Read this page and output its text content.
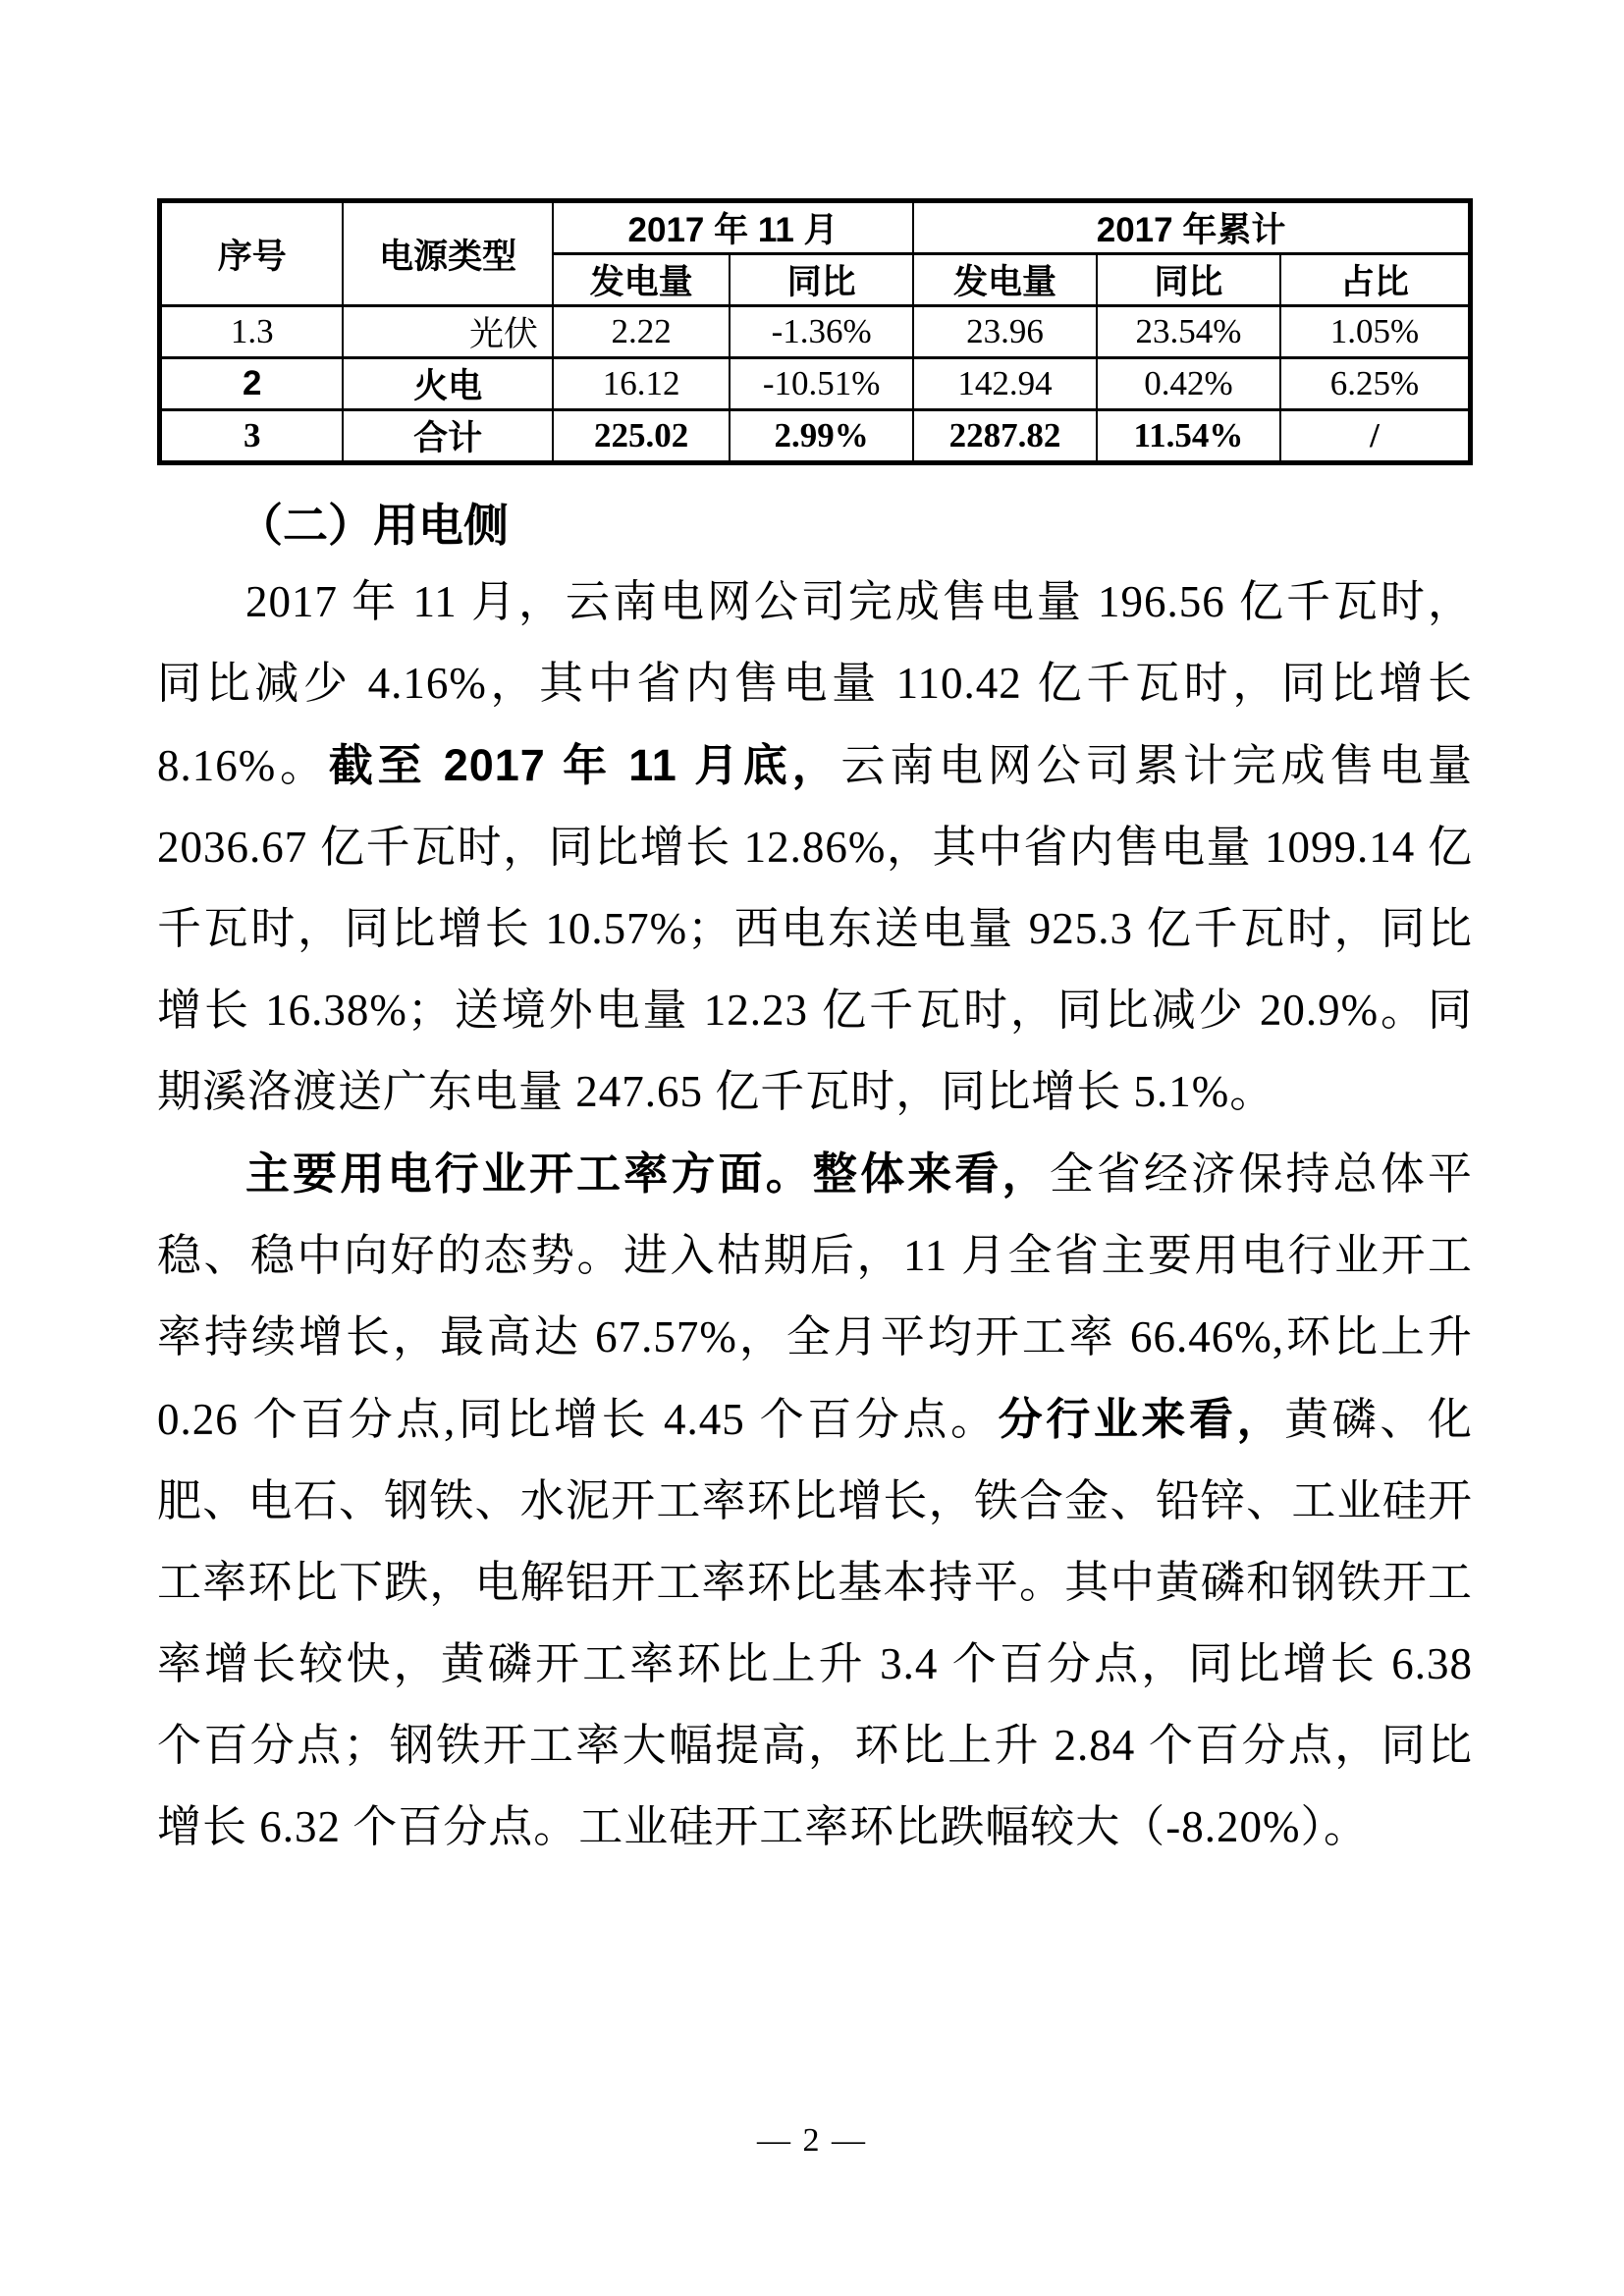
序号	电源类型	2017 年 11 月		2017 年累计		
		发电量	同比	发电量	同比	占比
1.3	光伏	2.22	-1.36%	23.96	23.54%	1.05%
2	火电	16.12	-10.51%	142.94	0.42%	6.25%
3	合计	225.02	2.99%	2287.82	11.54%	/
（二）用电侧

2017 年 11 月，云南电网公司完成售电量 196.56 亿千瓦时，同比减少 4.16%，其中省内售电量 110.42 亿千瓦时，同比增长 8.16%。截至 2017 年 11 月底，云南电网公司累计完成售电量 2036.67 亿千瓦时，同比增长 12.86%，其中省内售电量 1099.14 亿千瓦时，同比增长 10.57%；西电东送电量 925.3 亿千瓦时，同比增长 16.38%；送境外电量 12.23 亿千瓦时，同比减少 20.9%。同期溪洛渡送广东电量 247.65 亿千瓦时，同比增长 5.1%。

主要用电行业开工率方面。整体来看，全省经济保持总体平稳、稳中向好的态势。进入枯期后，11 月全省主要用电行业开工率持续增长，最高达 67.57%，全月平均开工率 66.46%,环比上升 0.26 个百分点,同比增长 4.45 个百分点。分行业来看，黄磷、化肥、电石、钢铁、水泥开工率环比增长，铁合金、铅锌、工业硅开工率环比下跌，电解铝开工率环比基本持平。其中黄磷和钢铁开工率增长较快，黄磷开工率环比上升 3.4 个百分点，同比增长 6.38 个百分点；钢铁开工率大幅提高，环比上升 2.84 个百分点，同比增长 6.32 个百分点。工业硅开工率环比跌幅较大（-8.20%）。

— 2 —
